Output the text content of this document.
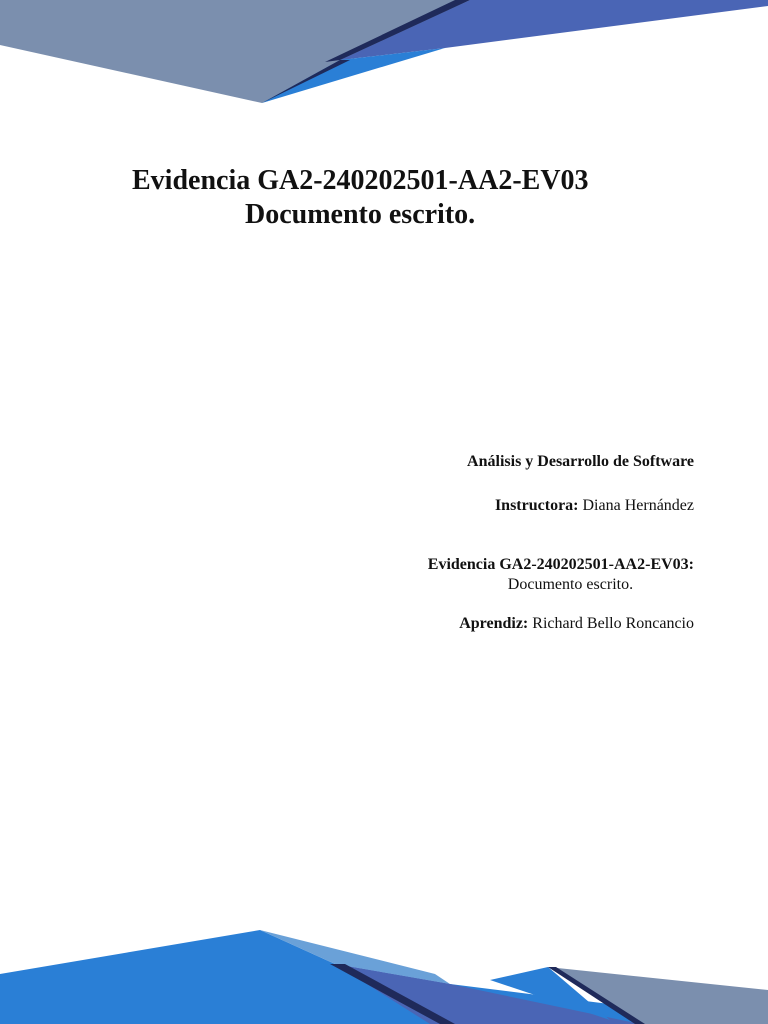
Evidencia GA2-240202501-AA2-EV03
Documento escrito.
Análisis y Desarrollo de Software
Instructora: Diana Hernández
Evidencia GA2-240202501-AA2-EV03:
Documento escrito.
Aprendiz: Richard Bello Roncancio
